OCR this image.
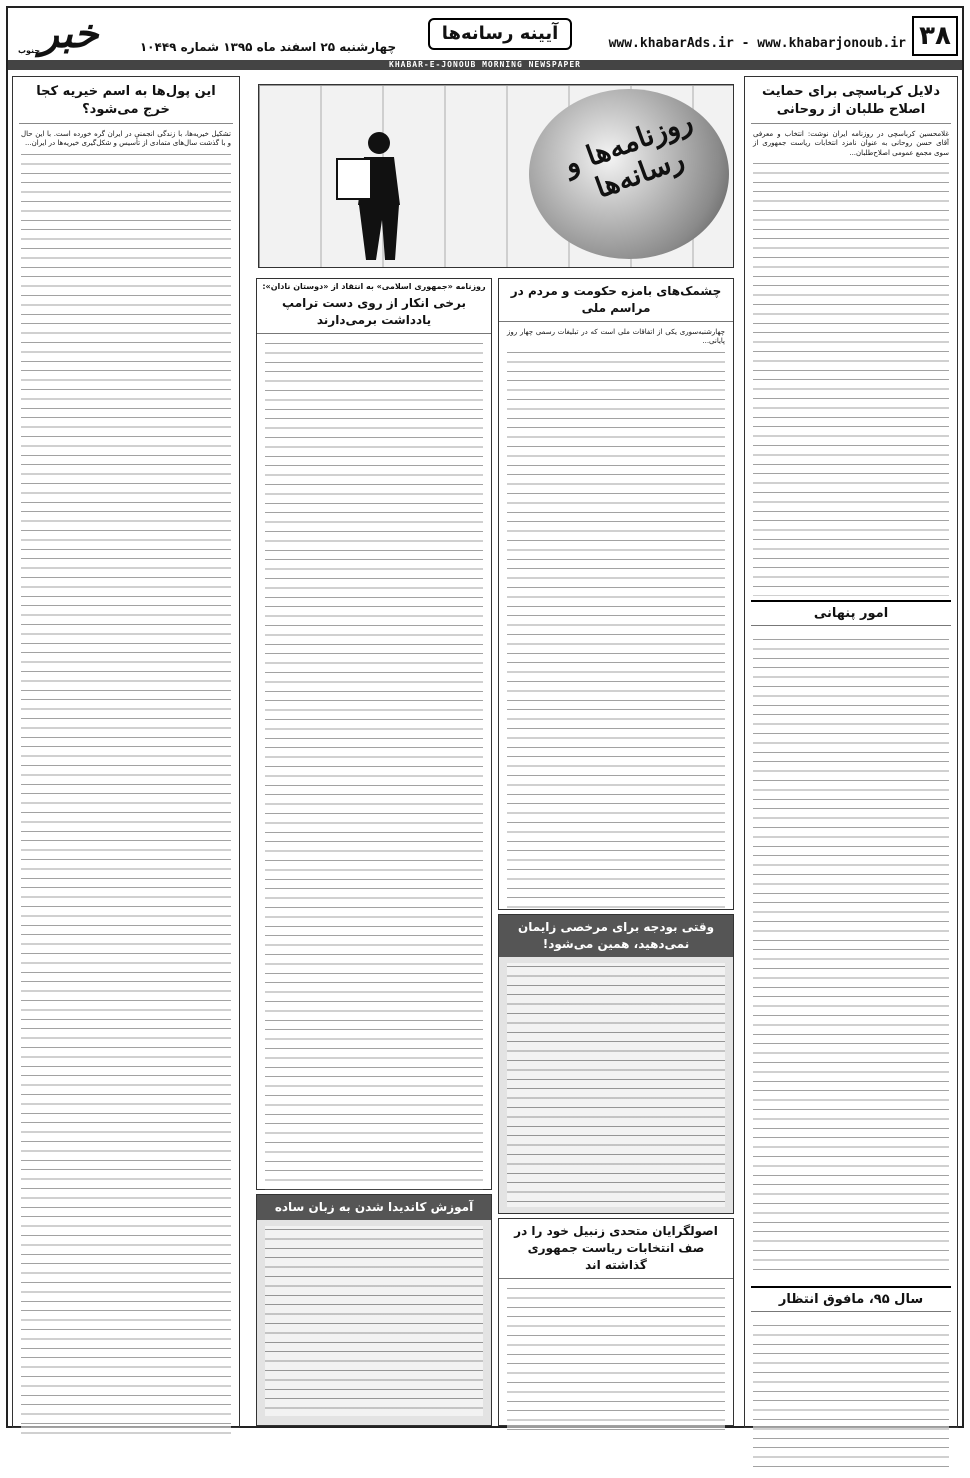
۳۸
www.khabarAds.ir - www.khabarjonoub.ir
آیینه رسانه‌ها
چهارشنبه ۲۵ اسفند ماه ۱۳۹۵ شماره ۱۰۴۴۹
خبر
جنوب
KHABAR-E-JONOUB MORNING NEWSPAPER
دلایل کرباسچی برای حمایت اصلاح طلبان از روحانی
غلامحسین کرباسچی در روزنامه ایران نوشت: انتخاب و معرفی آقای حسن روحانی به عنوان نامزد انتخابات ریاست جمهوری از سوی مجمع عمومی اصلاح‌طلبان...
امور پنهانی
سال ۹۵، مافوق انتظار
روزنامه‌ها و رسانه‌ها
چشمک‌های بامزه حکومت و مردم در مراسم ملی
چهارشنبه‌سوری یکی از اتفاقات ملی است که در تبلیغات رسمی چهار روز پایانی...
روزنامه «جمهوری اسلامی» به انتقاد از «دوستان نادان»:
برخی انکار از روی دست ترامپ یادداشت برمی‌دارند
وقتی بودجه برای مرخصی زایمان نمی‌دهید، همین می‌شود!
آموزش کاندیدا شدن به زبان ساده
اصولگرایان متحدی زنبیل خود را در صف انتخابات ریاست جمهوری گذاشته اند
این پول‌ها به اسم خیریه کجا خرج می‌شود؟
تشکیل خیریه‌ها، با زندگی انجمنی در ایران گره خورده است. با این حال و با گذشت سال‌های متمادی از تأسیس و شکل‌گیری خیریه‌ها در ایران...
